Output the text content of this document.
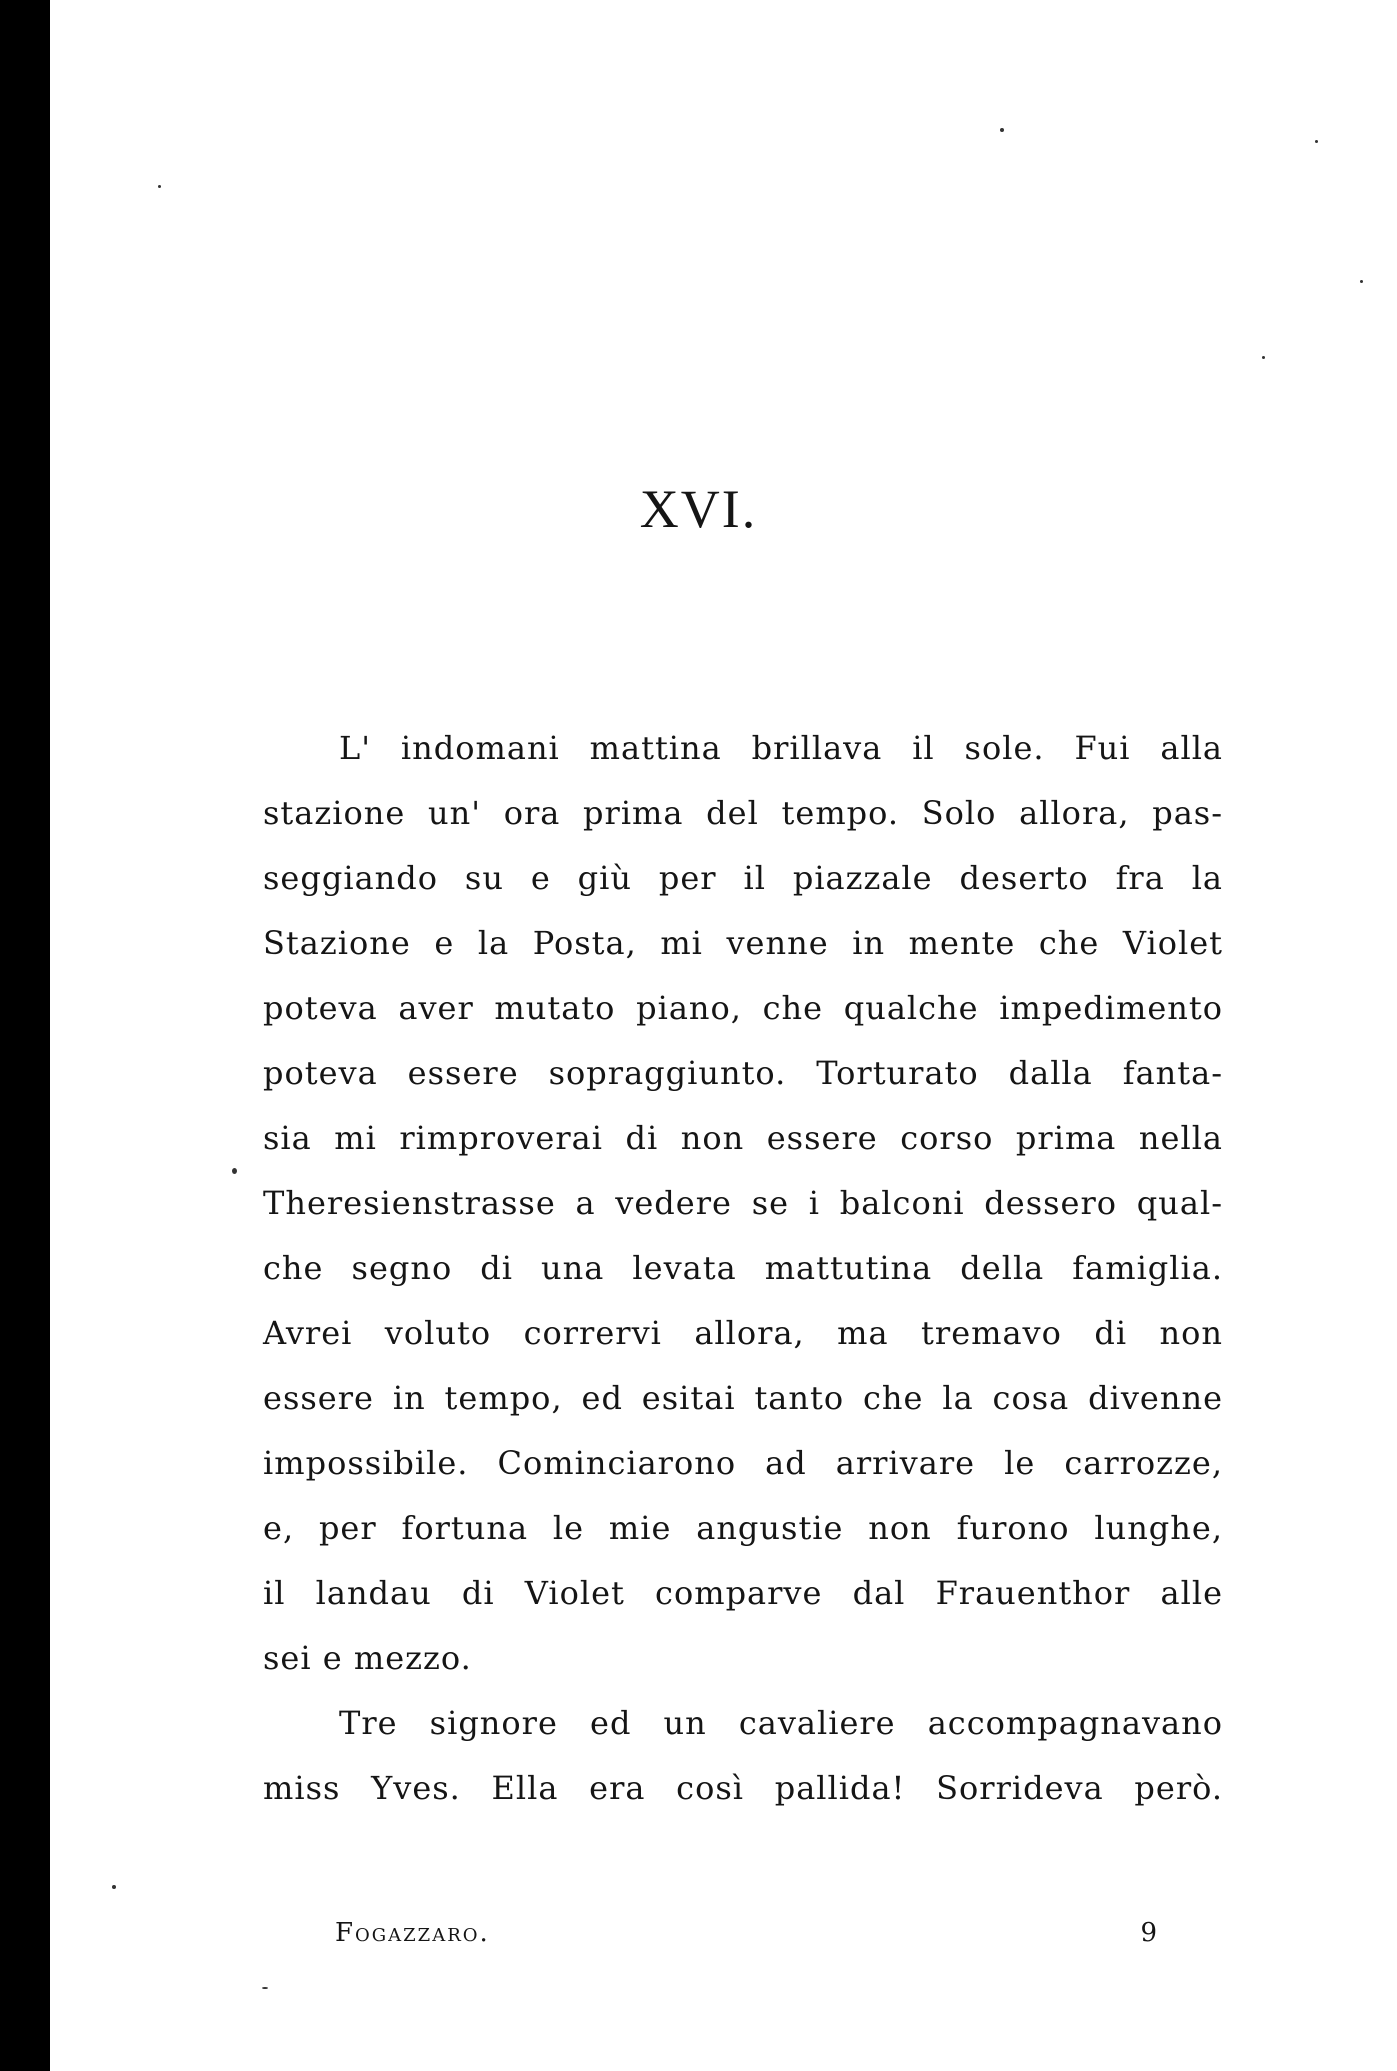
XVI.
L' indomani mattina brillava il sole. Fui alla
stazione un' ora prima del tempo. Solo allora, pas-
seggiando su e giù per il piazzale deserto fra la
Stazione e la Posta, mi venne in mente che Violet
poteva aver mutato piano, che qualche impedimento
poteva essere sopraggiunto. Torturato dalla fanta-
sia mi rimproverai di non essere corso prima nella
Theresienstrasse a vedere se i balconi dessero qual-
che segno di una levata mattutina della famiglia.
Avrei voluto corrervi allora, ma tremavo di non
essere in tempo, ed esitai tanto che la cosa divenne
impossibile. Cominciarono ad arrivare le carrozze,
e, per fortuna le mie angustie non furono lunghe,
il landau di Violet comparve dal Frauenthor alle
sei e mezzo.
Tre signore ed un cavaliere accompagnavano
miss Yves. Ella era così pallida! Sorrideva però.
Fogazzaro.	9
